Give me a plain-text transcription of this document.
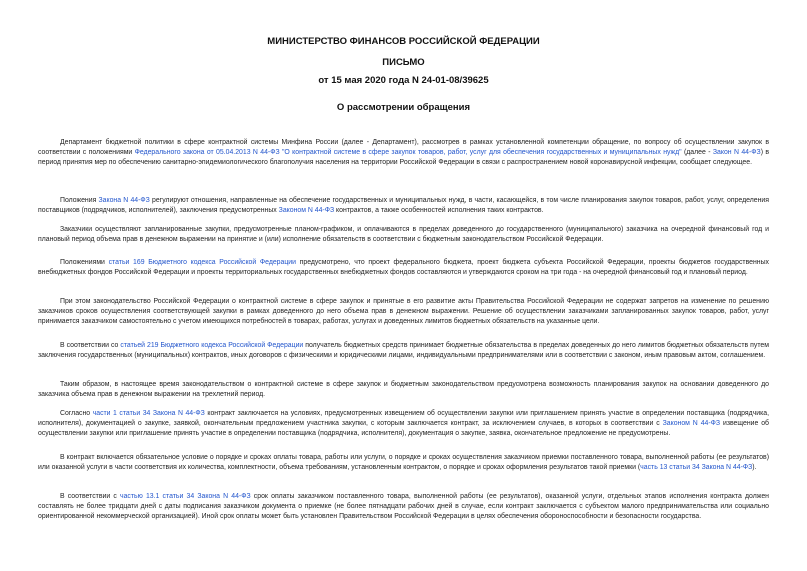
МИНИСТЕРСТВО ФИНАНСОВ РОССИЙСКОЙ ФЕДЕРАЦИИ
ПИСЬМО
от 15 мая 2020 года N 24-01-08/39625
О рассмотрении обращения
Департамент бюджетной политики в сфере контрактной системы Минфина России (далее - Департамент), рассмотрев в рамках установленной компетенции обращение, по вопросу об осуществлении закупок в соответствии с положениями Федерального закона от 05.04.2013 N 44-ФЗ "О контрактной системе в сфере закупок товаров, работ, услуг для обеспечения государственных и муниципальных нужд" (далее - Закон N 44-ФЗ) в период принятия мер по обеспечению санитарно-эпидемиологического благополучия населения на территории Российской Федерации в связи с распространением новой коронавирусной инфекции, сообщает следующее.
Положения Закона N 44-ФЗ регулируют отношения, направленные на обеспечение государственных и муниципальных нужд, в части, касающейся, в том числе планирования закупок товаров, работ, услуг, определения поставщиков (подрядчиков, исполнителей), заключения предусмотренных Законом N 44-ФЗ контрактов, а также особенностей исполнения таких контрактов.
Заказчики осуществляют запланированные закупки, предусмотренные планом-графиком, и оплачиваются в пределах доведенного до государственного (муниципального) заказчика на очередной финансовый год и плановый период объема прав в денежном выражении на принятие и (или) исполнение обязательств в соответствии с бюджетным законодательством Российской Федерации.
Положениями статьи 169 Бюджетного кодекса Российской Федерации предусмотрено, что проект федерального бюджета, проект бюджета субъекта Российской Федерации, проекты бюджетов государственных внебюджетных фондов Российской Федерации и проекты территориальных государственных внебюджетных фондов составляются и утверждаются сроком на три года - на очередной финансовый год и плановый период.
При этом законодательство Российской Федерации о контрактной системе в сфере закупок и принятые в его развитие акты Правительства Российской Федерации не содержат запретов на изменение по решению заказчиков сроков осуществления соответствующей закупки в рамках доведенного до него объема прав в денежном выражении. Решение об осуществлении заказчиками запланированных закупок товаров, работ, услуг принимается заказчиком самостоятельно с учетом имеющихся потребностей в товарах, работах, услугах и доведенных лимитов бюджетных обязательств на указанные цели.
В соответствии со статьей 219 Бюджетного кодекса Российской Федерации получатель бюджетных средств принимает бюджетные обязательства в пределах доведенных до него лимитов бюджетных обязательств путем заключения государственных (муниципальных) контрактов, иных договоров с физическими и юридическими лицами, индивидуальными предпринимателями или в соответствии с законом, иным правовым актом, соглашением.
Таким образом, в настоящее время законодательством о контрактной системе в сфере закупок и бюджетным законодательством предусмотрена возможность планирования закупок на основании доведенного до заказчика объема прав в денежном выражении на трехлетний период.
Согласно части 1 статьи 34 Закона N 44-ФЗ контракт заключается на условиях, предусмотренных извещением об осуществлении закупки или приглашением принять участие в определении поставщика (подрядчика, исполнителя), документацией о закупке, заявкой, окончательным предложением участника закупки, с которым заключается контракт, за исключением случаев, в которых в соответствии с Законом N 44-ФЗ извещение об осуществлении закупки или приглашение принять участие в определении поставщика (подрядчика, исполнителя), документация о закупке, заявка, окончательное предложение не предусмотрены.
В контракт включается обязательное условие о порядке и сроках оплаты товара, работы или услуги, о порядке и сроках осуществления заказчиком приемки поставленного товара, выполненной работы (ее результатов) или оказанной услуги в части соответствия их количества, комплектности, объема требованиям, установленным контрактом, о порядке и сроках оформления результатов такой приемки (часть 13 статьи 34 Закона N 44-ФЗ).
В соответствии с частью 13.1 статьи 34 Закона N 44-ФЗ срок оплаты заказчиком поставленного товара, выполненной работы (ее результатов), оказанной услуги, отдельных этапов исполнения контракта должен составлять не более тридцати дней с даты подписания заказчиком документа о приемке (не более пятнадцати рабочих дней в случае, если контракт заключается с субъектом малого предпринимательства или социально ориентированной некоммерческой организацией). Иной срок оплаты может быть установлен Правительством Российской Федерации в целях обеспечения обороноспособности и безопасности государства.
